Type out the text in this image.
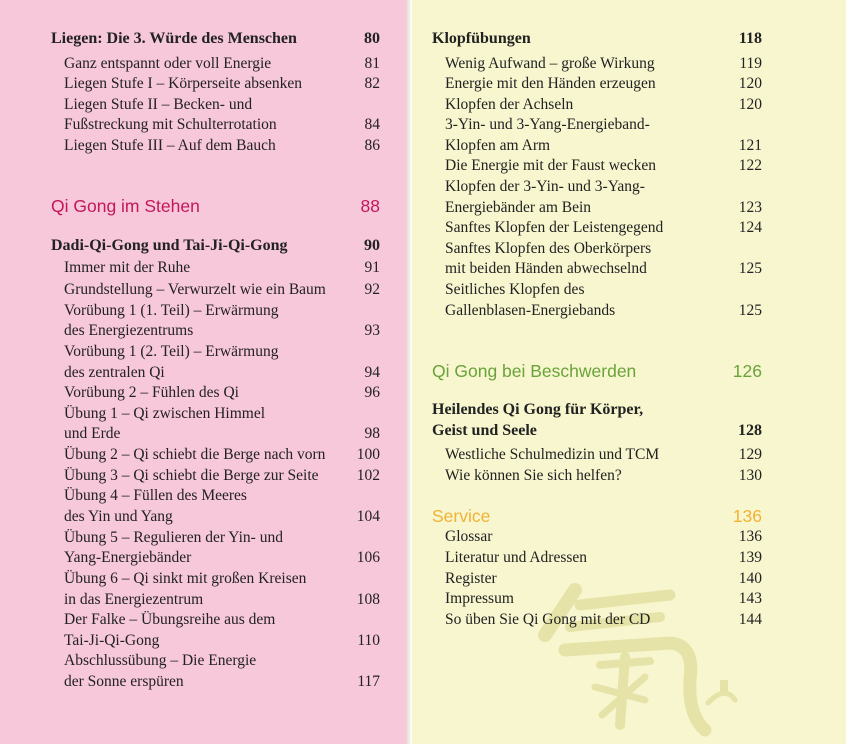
Liegen: Die 3. Würde des Menschen	80
Ganz entspannt oder voll Energie	81
Liegen Stufe I – Körperseite absenken	82
Liegen Stufe II – Becken- und
Fußstreckung mit Schulterrotation	84
Liegen Stufe III – Auf dem Bauch	86
Qi Gong im Stehen	88
Dadi-Qi-Gong und Tai-Ji-Qi-Gong	90
Immer mit der Ruhe	91
Grundstellung – Verwurzelt wie ein Baum	92
Vorübung 1 (1. Teil) – Erwärmung
des Energiezentrums	93
Vorübung 1 (2. Teil) – Erwärmung
des zentralen Qi	94
Vorübung 2 – Fühlen des Qi	96
Übung 1 – Qi zwischen Himmel
und Erde	98
Übung 2 – Qi schiebt die Berge nach vorn	100
Übung 3 – Qi schiebt die Berge zur Seite	102
Übung 4 – Füllen des Meeres
des Yin und Yang	104
Übung 5 – Regulieren der Yin- und
Yang-Energiebänder	106
Übung 6 – Qi sinkt mit großen Kreisen
in das Energiezentrum	108
Der Falke – Übungsreihe aus dem
Tai-Ji-Qi-Gong	110
Abschlussübung – Die Energie
der Sonne erspüren	117
Klopfübungen	118
Wenig Aufwand – große Wirkung	119
Energie mit den Händen erzeugen	120
Klopfen der Achseln	120
3-Yin- und 3-Yang-Energieband-
Klopfen am Arm	121
Die Energie mit der Faust wecken	122
Klopfen der 3-Yin- und 3-Yang-
Energiebänder am Bein	123
Sanftes Klopfen der Leistengegend	124
Sanftes Klopfen des Oberkörpers
mit beiden Händen abwechselnd	125
Seitliches Klopfen des
Gallenblasen-Energiebands	125
Qi Gong bei Beschwerden	126
Heilendes Qi Gong für Körper,
Geist und Seele	128
Westliche Schulmedizin und TCM	129
Wie können Sie sich helfen?	130
Service	136
Glossar	136
Literatur und Adressen	139
Register	140
Impressum	143
So üben Sie Qi Gong mit der CD	144
